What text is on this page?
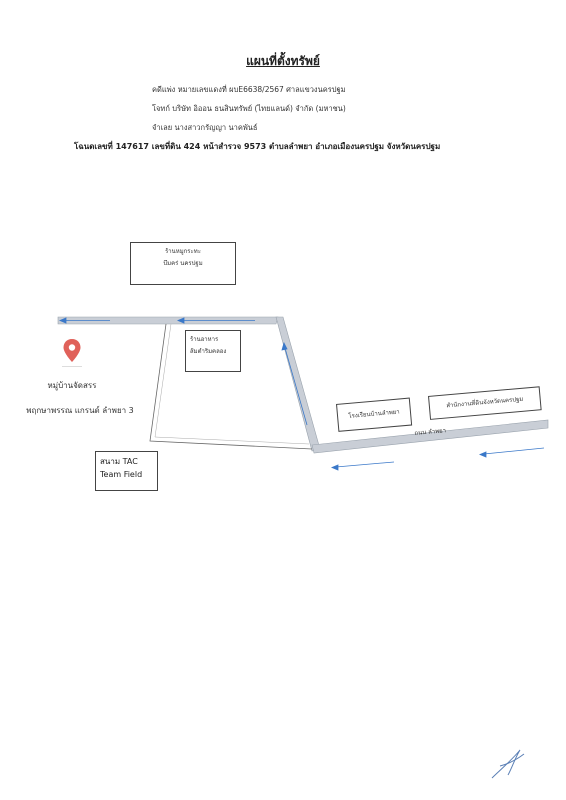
แผนที่ตั้งทรัพย์
คดีแพ่ง หมายเลขแดงที่ ผบE6638/2567 ศาลแขวงนครปฐม
โจทก์ บริษัท อิออน ธนสินทรัพย์ (ไทยแลนด์) จำกัด (มหาชน)
จำเลย นางสาวกรัญญา นาคพันธ์
โฉนดเลขที่ 147617 เลขที่ดิน 424 หน้าสำรวจ 9573 ตำบลลำพยา อำเภอเมืองนครปฐม จังหวัดนครปฐม
ร้านหมูกระทะ
บึมคร่ นครปฐม
ร้านอาหาร
ส้มตำริมคลอง
โรงเรียนบ้านลำพยา
สำนักงานที่ดินจังหวัดนครปฐม
ถนน ลำพยา
สนาม TAC
Team Field
หมู่บ้านจัดสรร
พฤกษาพรรณ แกรนด์ ลำพยา 3
